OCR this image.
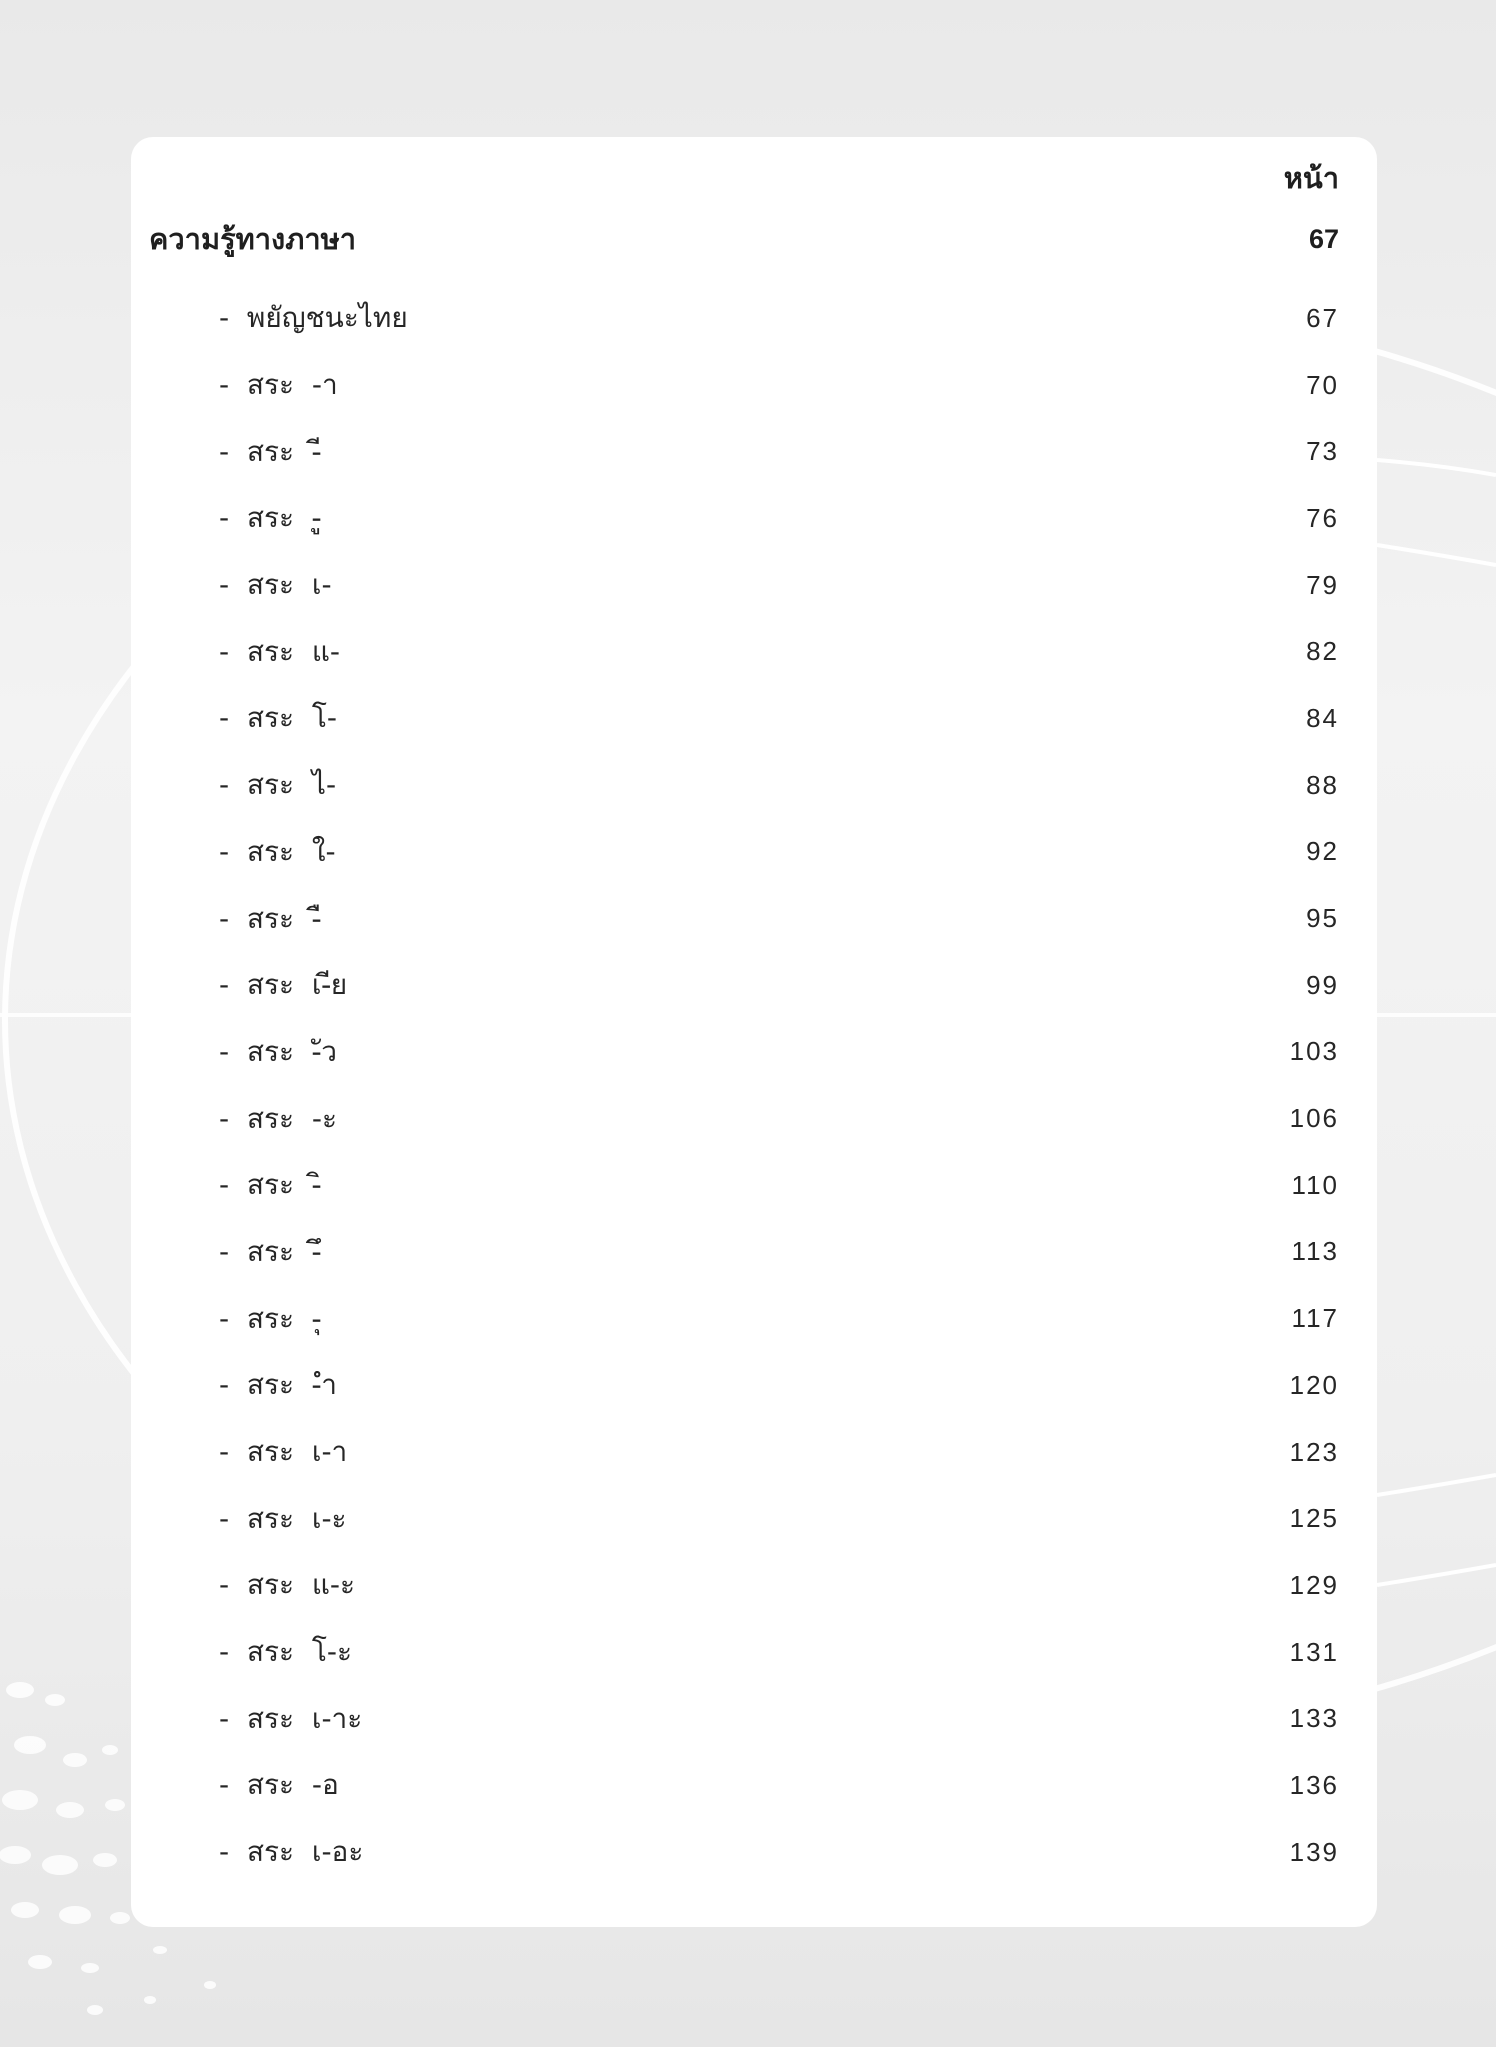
หน้า
ความรู้ทางภาษา	67
-  พยัญชนะไทย	67
-  สระ  -า	70
-  สระ  -ี	73
-  สระ  -ู	76
-  สระ  เ-	79
-  สระ  แ-	82
-  สระ  โ-	84
-  สระ  ไ-	88
-  สระ  ใ-	92
-  สระ  -ื	95
-  สระ  เ-ีย	99
-  สระ  -ัว	103
-  สระ  -ะ	106
-  สระ  -ิ	110
-  สระ  -ึ	113
-  สระ  -ุ	117
-  สระ  -ำ	120
-  สระ  เ-า	123
-  สระ  เ-ะ	125
-  สระ  แ-ะ	129
-  สระ  โ-ะ	131
-  สระ  เ-าะ	133
-  สระ  -อ	136
-  สระ  เ-อะ	139
